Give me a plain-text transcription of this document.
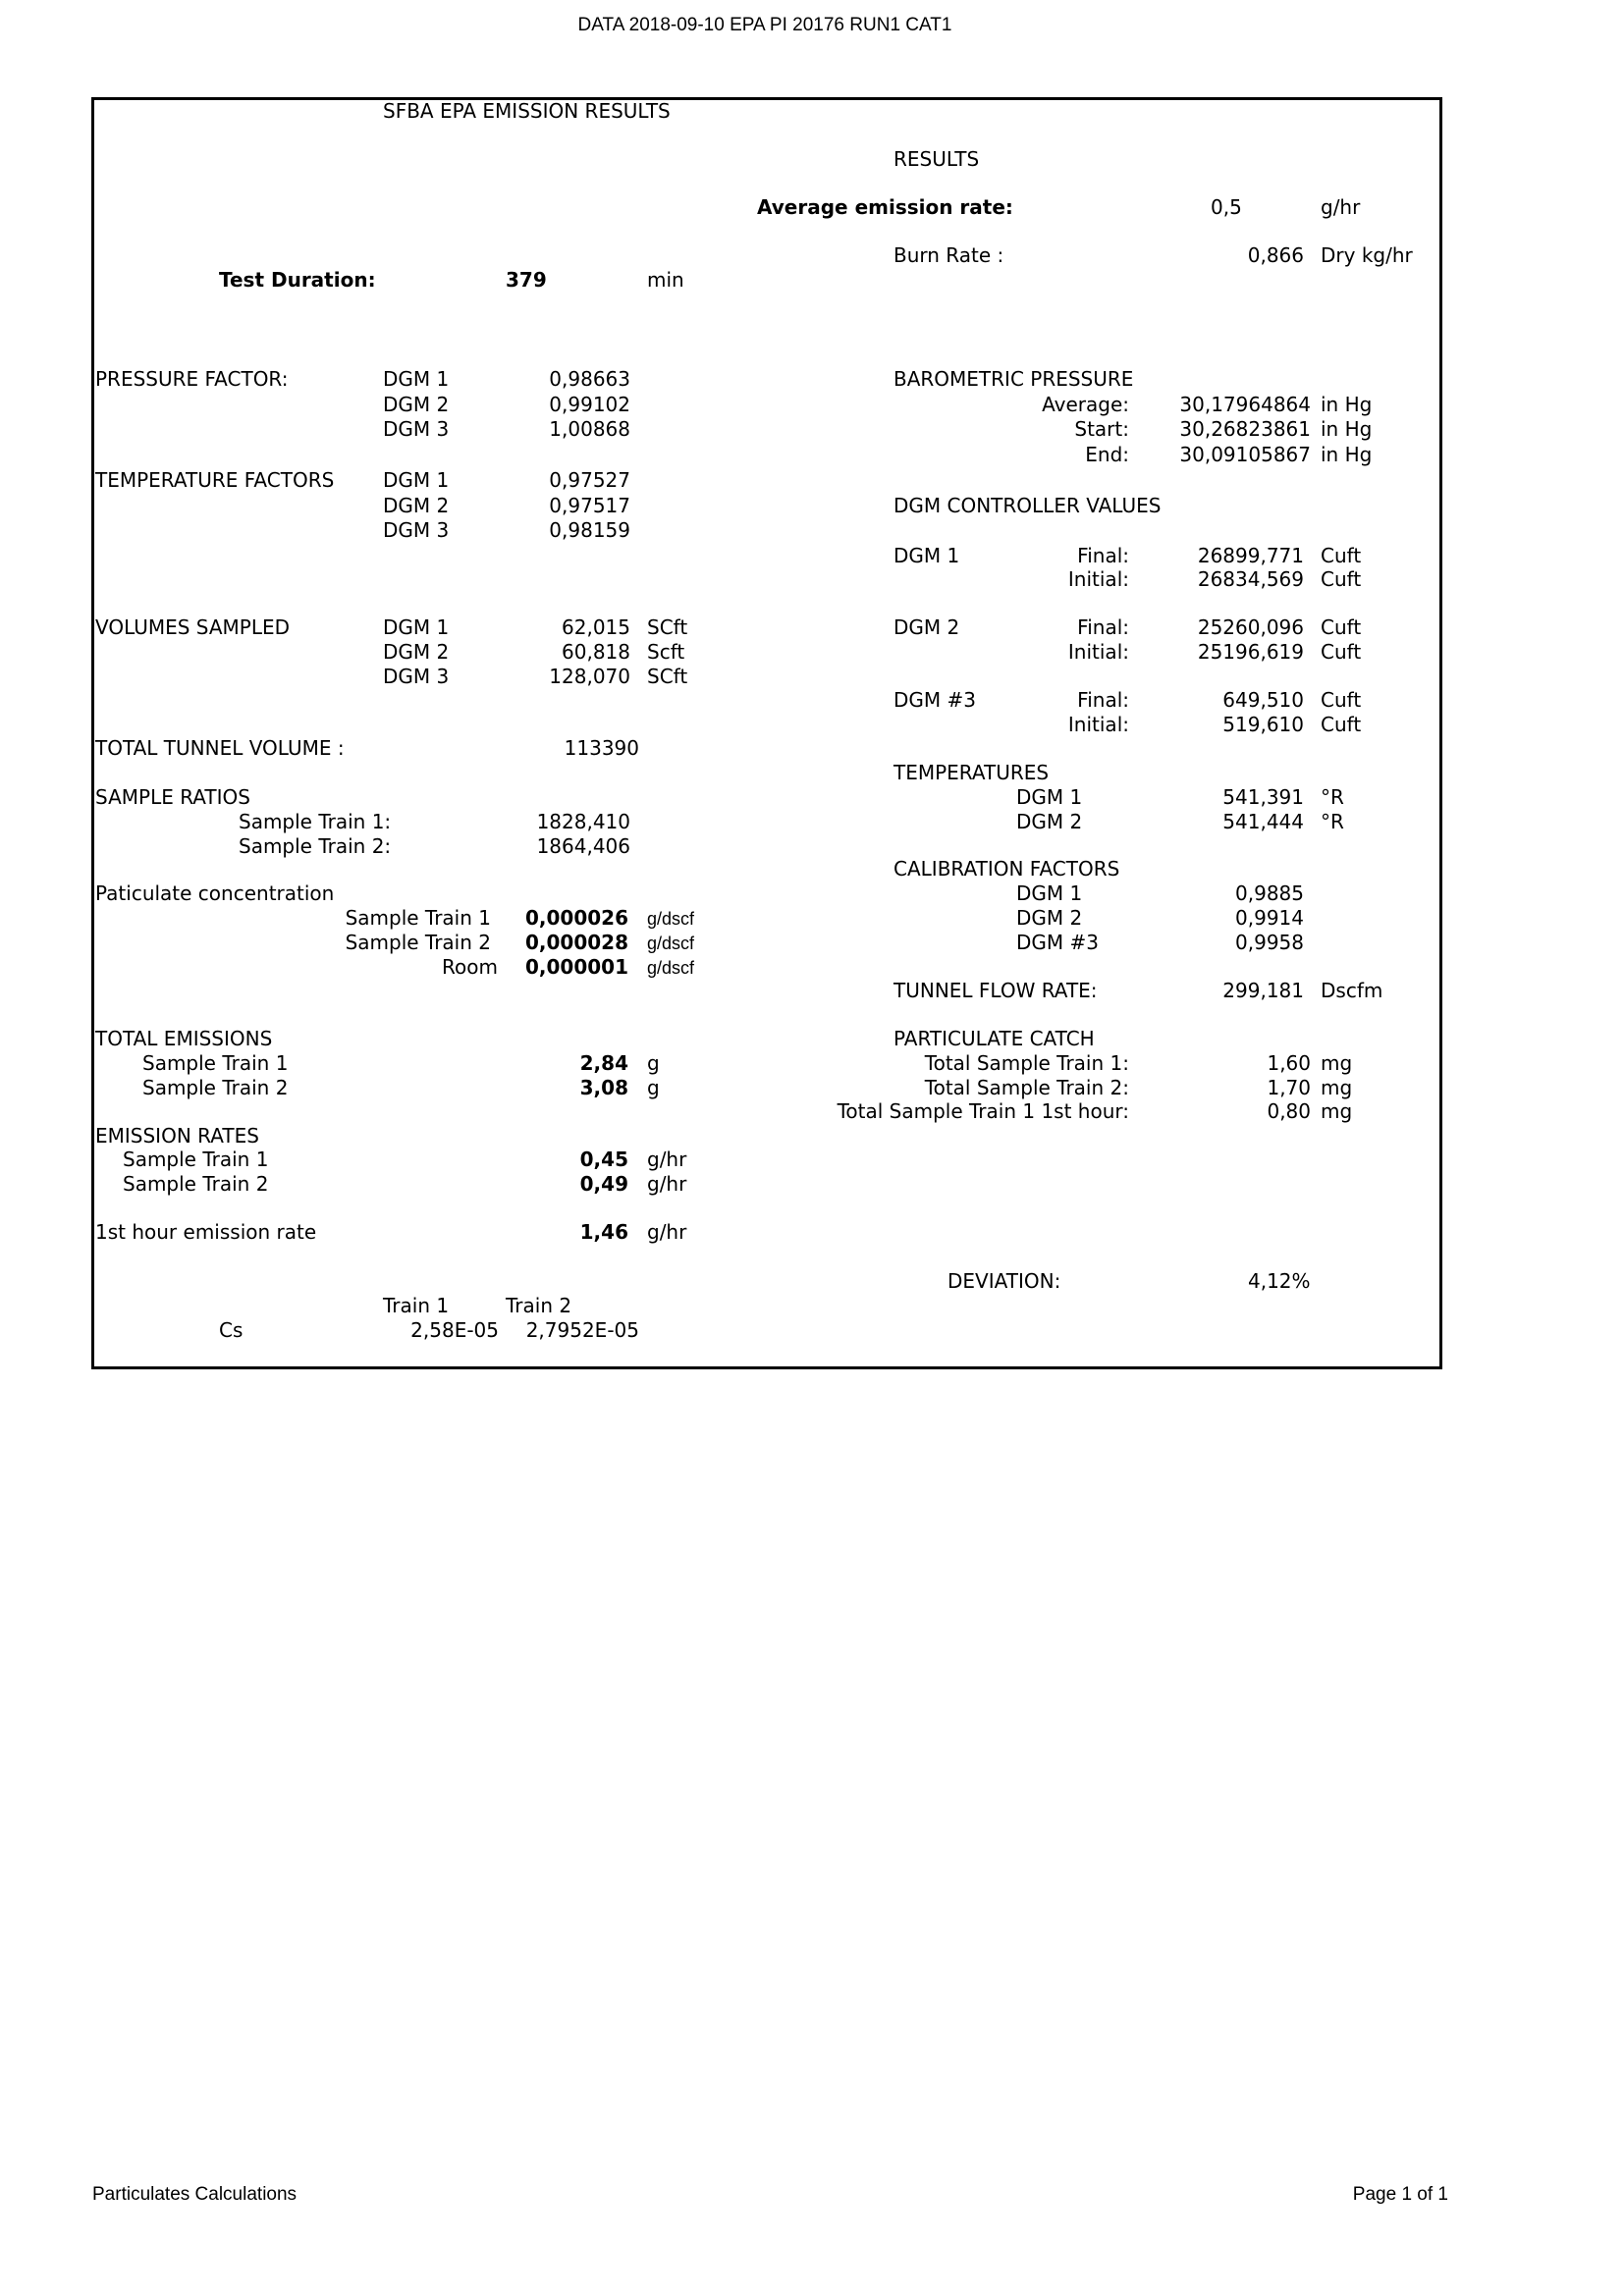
DATA 2018-09-10 EPA PI 20176 RUN1 CAT1
SFBA EPA EMISSION RESULTS
RESULTS
Average emission rate:	0,5	g/hr
Burn Rate :	0,866 Dry kg/hr
Test Duration:	379	min
PRESSURE FACTOR:	DGM 1	0,98663
DGM 2	0,99102
DGM 3	1,00868
TEMPERATURE FACTORS DGM 1	0,97527
DGM 2	0,97517
DGM 3	0,98159
VOLUMES SAMPLED	DGM 1	62,015 SCft
DGM 2	60,818 Scft
DGM 3	128,070 SCft
TOTAL TUNNEL VOLUME :	113390
SAMPLE RATIOS
Sample Train 1:	1828,410
Sample Train 2:	1864,406
Paticulate concentration
Sample Train 1 0,000026 g/dscf
Sample Train 2 0,000028 g/dscf
Room 0,000001 g/dscf
TOTAL EMISSIONS
Sample Train 1	2,84 g
Sample Train 2	3,08 g
EMISSION RATES
Sample Train 1	0,45 g/hr
Sample Train 2	0,49 g/hr
1st hour emission rate	1,46 g/hr
Train 1	Train 2
Cs	2,58E-05 2,7952E-05
BAROMETRIC PRESSURE
Average:	30,17964864 in Hg
Start:	30,26823861 in Hg
End:	30,09105867 in Hg
DGM CONTROLLER VALUES
DGM 1	Final:	26899,771 Cuft
Initial:	26834,569 Cuft
DGM 2	Final:	25260,096 Cuft
Initial:	25196,619 Cuft
DGM #3	Final:	649,510 Cuft
Initial:	519,610 Cuft
TEMPERATURES
DGM 1	541,391 °R
DGM 2	541,444 °R
CALIBRATION FACTORS
DGM 1	0,9885
DGM 2	0,9914
DGM #3	0,9958
TUNNEL FLOW RATE:	299,181 Dscfm
PARTICULATE CATCH
Total Sample Train 1:	1,60 mg
Total Sample Train 2:	1,70 mg
Total Sample Train 1 1st hour:	0,80 mg
DEVIATION:	4,12%
Particulates Calculations	Page 1 of 1
